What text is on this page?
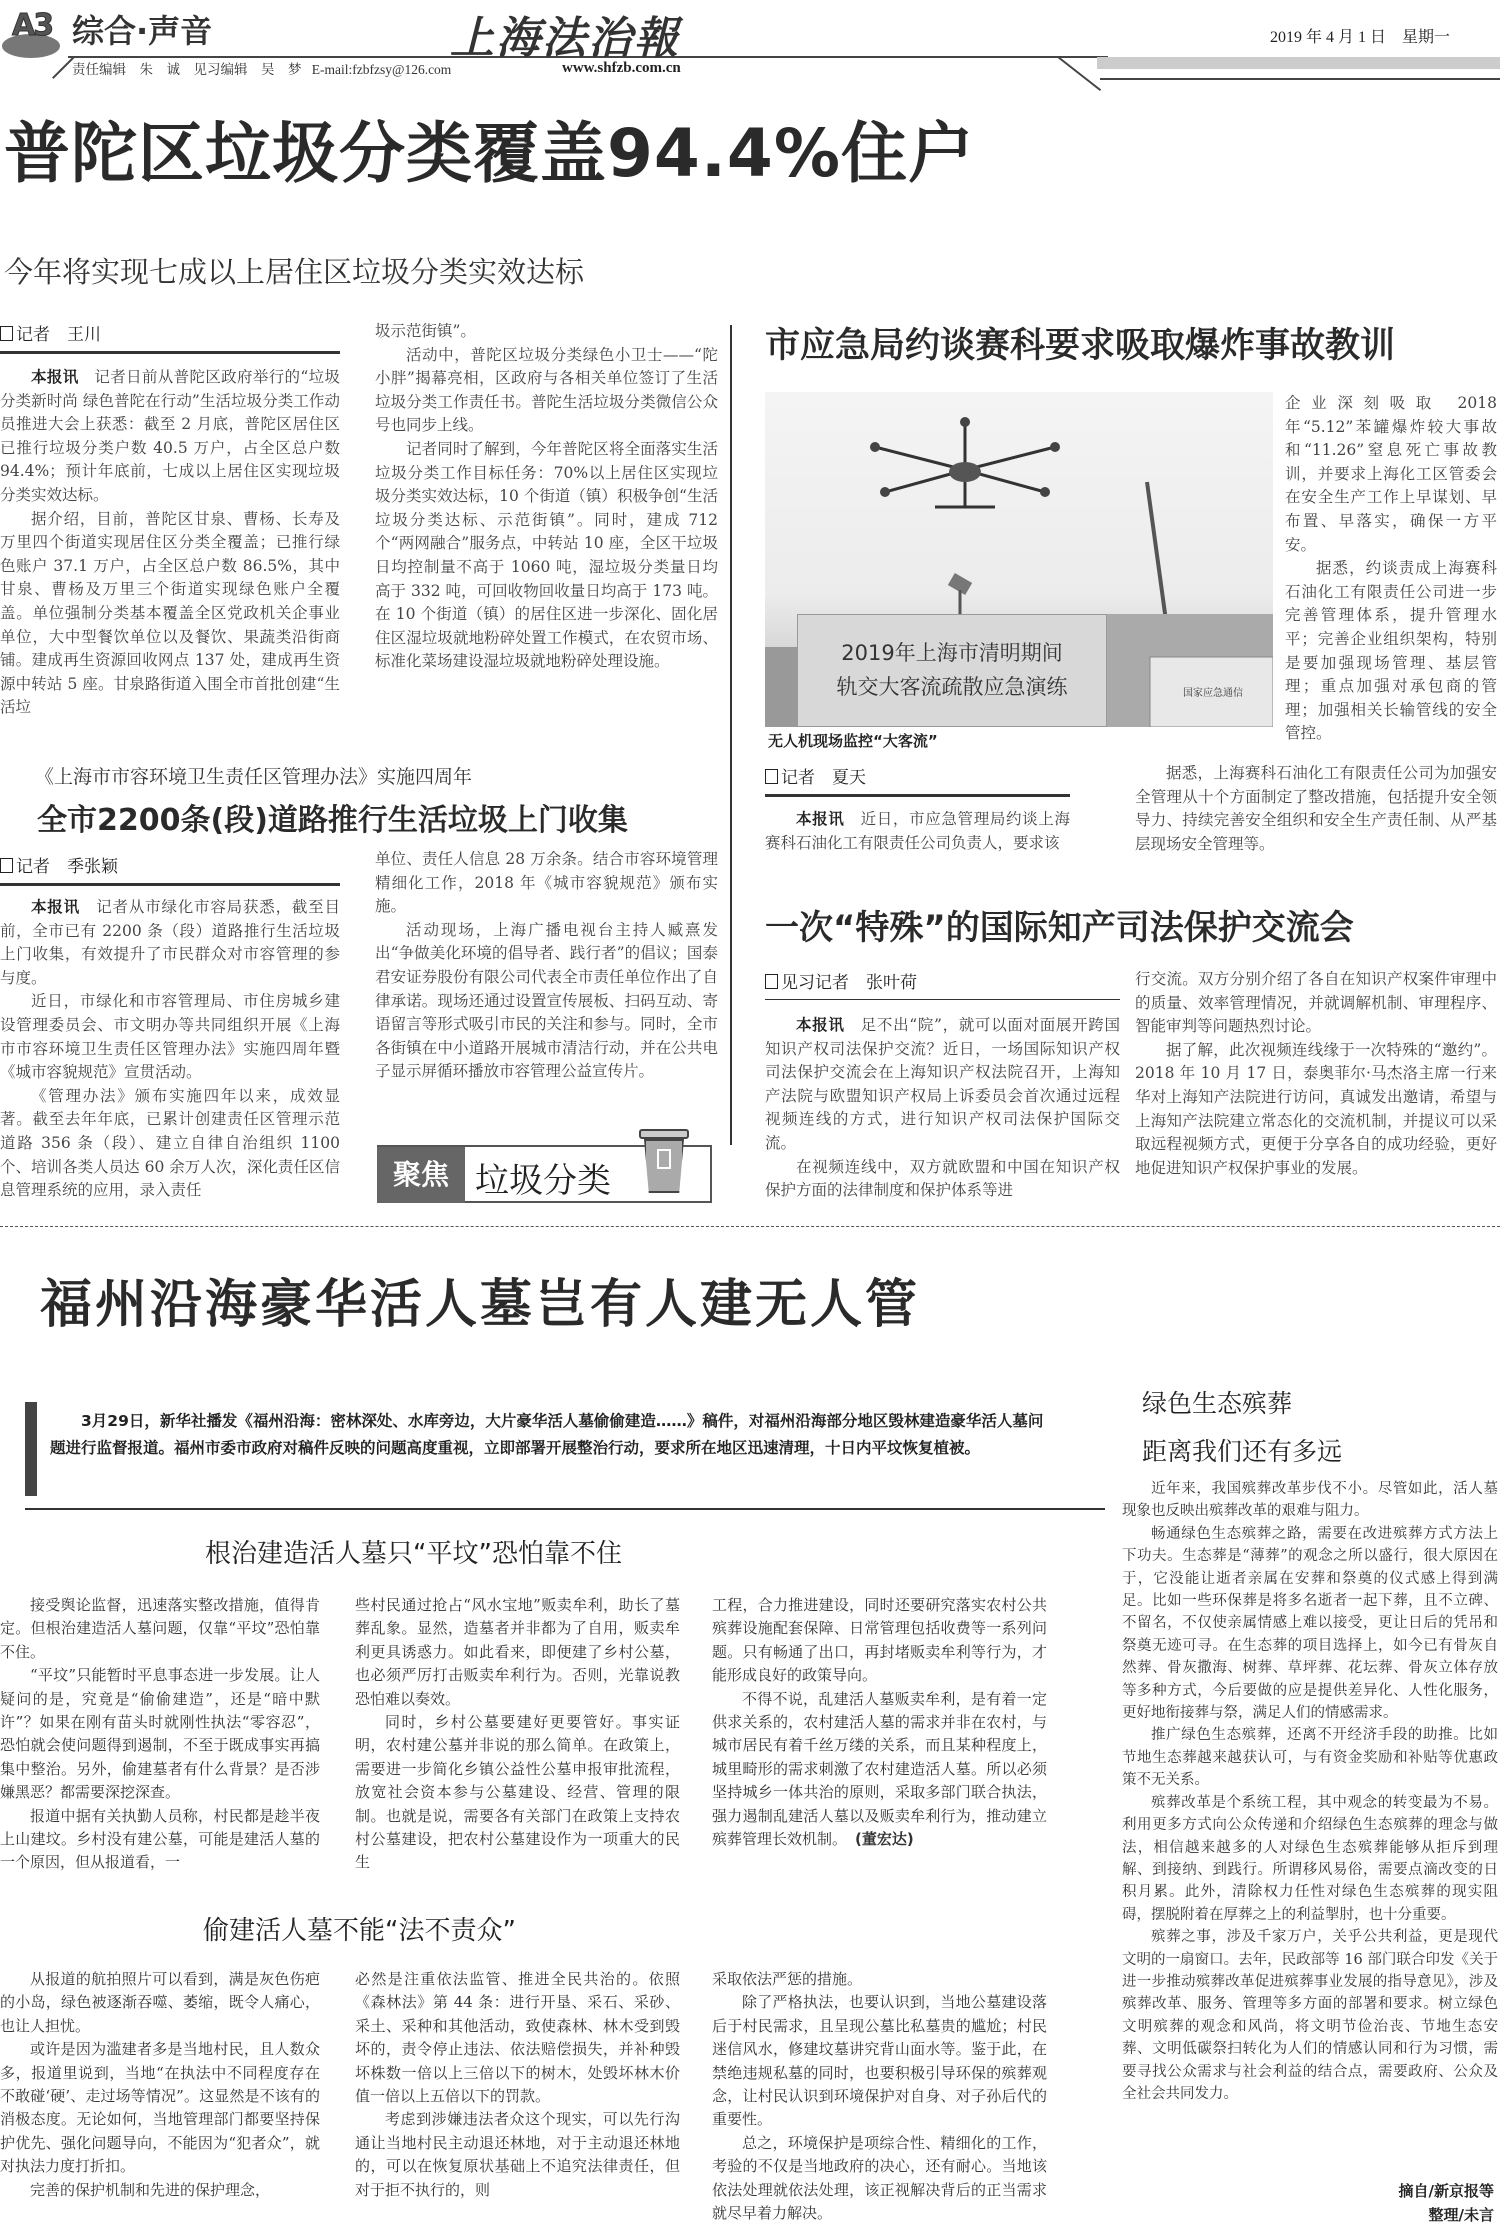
A3 综合·声音
责任编辑　朱　诚　见习编辑　吴　梦 E-mail:fzbfzsy@126.com
上海法治報
www.shfzb.com.cn
2019 年 4 月 1 日　星期一
普陀区垃圾分类覆盖94.4%住户
今年将实现七成以上居住区垃圾分类实效达标
记者　 王川

本报讯　 记者日前从普陀区政府举行的“垃圾分类新时尚 绿色普陀在行动”生活垃圾分类工作动员推进大会上获悉：截至 2 月底，普陀区居住区已推行垃圾分类户数 40.5 万户，占全区总户数 94.4%；预计年底前，七成以上居住区实现垃圾分类实效达标。

据介绍，目前，普陀区甘泉、曹杨、长寿及万里四个街道实现居住区分类全覆盖；已推行绿色账户 37.1 万户，占全区总户数 86.5%，其中甘泉、曹杨及万里三个街道实现绿色账户全覆盖。单位强制分类基本覆盖全区党政机关企事业单位，大中型餐饮单位以及餐饮、果蔬类沿街商铺。建成再生资源回收网点 137 处，建成再生资源中转站 5 座。甘泉路街道入围全市首批创建“生活垃

圾示范街镇”。

活动中，普陀区垃圾分类绿色小卫士——“陀小胖”揭幕亮相，区政府与各相关单位签订了生活垃圾分类工作责任书。普陀生活垃圾分类微信公众号也同步上线。

记者同时了解到，今年普陀区将全面落实生活垃圾分类工作目标任务：70%以上居住区实现垃圾分类实效达标，10 个街道（镇）积极争创“生活垃圾分类达标、示范街镇”。同时，建成 712 个“两网融合”服务点，中转站 10 座，全区干垃圾日均控制量不高于 1060 吨，湿垃圾分类量日均高于 332 吨，可回收物回收量日均高于 173 吨。在 10 个街道（镇）的居住区进一步深化、固化居住区湿垃圾就地粉碎处置工作模式，在农贸市场、标准化菜场建设湿垃圾就地粉碎处理设施。

市应急局约谈赛科要求吸取爆炸事故教训
2019年上海市清明期间
轨交大客流疏散应急演练	国家应急通信
无人机现场监控“大客流”

企业深刻吸取 2018 年“5.12”苯罐爆炸较大事故和“11.26”窒息死亡事故教训，并要求上海化工区管委会在安全生产工作上早谋划、早布置、早落实，确保一方平安。

据悉，约谈责成上海赛科石油化工有限责任公司进一步完善管理体系，提升管理水平；完善企业组织架构，特别是要加强现场管理、基层管理；重点加强对承包商的管理；加强相关长输管线的安全管控。

记者　 夏天

本报讯　 近日，市应急管理局约谈上海赛科石油化工有限责任公司负责人，要求该

据悉，上海赛科石油化工有限责任公司为加强安全管理从十个方面制定了整改措施，包括提升安全领导力、持续完善安全组织和安全生产责任制、从严基层现场安全管理等。

《上海市市容环境卫生责任区管理办法》实施四周年
全市2200条(段)道路推行生活垃圾上门收集
记者　 季张颖

本报讯　 记者从市绿化市容局获悉，截至目前，全市已有 2200 条（段）道路推行生活垃圾上门收集，有效提升了市民群众对市容管理的参与度。

近日，市绿化和市容管理局、市住房城乡建设管理委员会、市文明办等共同组织开展《上海市市容环境卫生责任区管理办法》实施四周年暨《城市容貌规范》宣贯活动。

《管理办法》颁布实施四年以来，成效显著。截至去年年底，已累计创建责任区管理示范道路 356 条（段）、建立自律自治组织 1100 个、培训各类人员达 60 余万人次，深化责任区信息管理系统的应用，录入责任

单位、责任人信息 28 万余条。结合市容环境管理精细化工作，2018 年《城市容貌规范》颁布实施。

活动现场，上海广播电视台主持人臧熹发出“争做美化环境的倡导者、践行者”的倡议；国泰君安证券股份有限公司代表全市责任单位作出了自律承诺。现场还通过设置宣传展板、扫码互动、寄语留言等形式吸引市民的关注和参与。同时，全市各街镇在中小道路开展城市清洁行动，并在公共电子显示屏循环播放市容管理公益宣传片。

聚焦 垃圾分类
一次“特殊”的国际知产司法保护交流会
见习记者　 张叶荷

本报讯　 足不出“院”，就可以面对面展开跨国知识产权司法保护交流？近日，一场国际知识产权司法保护交流会在上海知识产权法院召开，上海知产法院与欧盟知识产权局上诉委员会首次通过远程视频连线的方式，进行知识产权司法保护国际交流。

在视频连线中，双方就欧盟和中国在知识产权保护方面的法律制度和保护体系等进

行交流。双方分别介绍了各自在知识产权案件审理中的质量、效率管理情况，并就调解机制、审理程序、智能审判等问题热烈讨论。

据了解，此次视频连线缘于一次特殊的“邀约”。2018 年 10 月 17 日，泰奥菲尔·马杰洛主席一行来华对上海知产法院进行访问，真诚发出邀请，希望与上海知产法院建立常态化的交流机制，并提议可以采取远程视频方式，更便于分享各自的成功经验，更好地促进知识产权保护事业的发展。

福州沿海豪华活人墓岂有人建无人管
3月29日，新华社播发《福州沿海：密林深处、水库旁边，大片豪华活人墓偷偷建造……》稿件，对福州沿海部分地区毁林建造豪华活人墓问题进行监督报道。福州市委市政府对稿件反映的问题高度重视，立即部署开展整治行动，要求所在地区迅速清理，十日内平坟恢复植被。
根治建造活人墓只“平坟”恐怕靠不住

接受舆论监督，迅速落实整改措施，值得肯定。但根治建造活人墓问题，仅靠“平坟”恐怕靠不住。

“平坟”只能暂时平息事态进一步发展。让人疑问的是，究竟是“偷偷建造”，还是“暗中默许”？如果在刚有苗头时就刚性执法“零容忍”，恐怕就会使问题得到遏制，不至于既成事实再搞集中整治。另外，偷建墓者有什么背景？是否涉嫌黑恶？都需要深挖深查。

报道中据有关执勤人员称，村民都是趁半夜上山建坟。乡村没有建公墓，可能是建活人墓的一个原因，但从报道看，一

些村民通过抢占“风水宝地”贩卖牟利，助长了墓葬乱象。显然，造墓者并非都为了自用，贩卖牟利更具诱惑力。如此看来，即便建了乡村公墓，也必须严厉打击贩卖牟利行为。否则，光靠说教恐怕难以奏效。

同时，乡村公墓要建好更要管好。事实证明，农村建公墓并非说的那么简单。在政策上，需要进一步简化乡镇公益性公墓申报审批流程，放宽社会资本参与公墓建设、经营、管理的限制。也就是说，需要各有关部门在政策上支持农村公墓建设，把农村公墓建设作为一项重大的民生

工程，合力推进建设，同时还要研究落实农村公共殡葬设施配套保障、日常管理包括收费等一系列问题。只有畅通了出口，再封堵贩卖牟利等行为，才能形成良好的政策导向。

不得不说，乱建活人墓贩卖牟利，是有着一定供求关系的，农村建活人墓的需求并非在农村，与城市居民有着千丝万缕的关系，而且某种程度上，城里畸形的需求刺激了农村建造活人墓。所以必须坚持城乡一体共治的原则，采取多部门联合执法，强力遏制乱建活人墓以及贩卖牟利行为，推动建立殡葬管理长效机制。 (董宏达)

偷建活人墓不能“法不责众”

从报道的航拍照片可以看到，满是灰色伤疤的小岛，绿色被逐渐吞噬、萎缩，既令人痛心，也让人担忧。

或许是因为滥建者多是当地村民，且人数众多，报道里说到，当地“在执法中不同程度存在不敢碰‘硬’、走过场等情况”。这显然是不该有的消极态度。无论如何，当地管理部门都要坚持保护优先、强化问题导向，不能因为“犯者众”，就对执法力度打折扣。

完善的保护机制和先进的保护理念，

必然是注重依法监管、推进全民共治的。依照《森林法》第 44 条：进行开垦、采石、采砂、采土、采种和其他活动，致使森林、林木受到毁坏的，责令停止违法、依法赔偿损失，并补种毁坏株数一倍以上三倍以下的树木，处毁坏林木价值一倍以上五倍以下的罚款。

考虑到涉嫌违法者众这个现实，可以先行沟通让当地村民主动退还林地，对于主动退还林地的，可以在恢复原状基础上不追究法律责任，但对于拒不执行的，则

采取依法严惩的措施。

除了严格执法，也要认识到，当地公墓建设落后于村民需求，且呈现公墓比私墓贵的尴尬；村民迷信风水，修建坟墓讲究背山面水等。鉴于此，在禁绝违规私墓的同时，也要积极引导环保的殡葬观念，让村民认识到环境保护对自身、对子孙后代的重要性。

总之，环境保护是项综合性、精细化的工作，考验的不仅是当地政府的决心，还有耐心。当地该依法处理就依法处理，该正视解决背后的正当需求就尽早着力解决。

绿色生态殡葬
距离我们还有多远

近年来，我国殡葬改革步伐不小。尽管如此，活人墓现象也反映出殡葬改革的艰难与阻力。

畅通绿色生态殡葬之路，需要在改进殡葬方式方法上下功夫。生态葬是“薄葬”的观念之所以盛行，很大原因在于，它没能让逝者亲属在安葬和祭奠的仪式感上得到满足。比如一些环保葬是将多名逝者一起下葬，且不立碑、不留名，不仅使亲属情感上难以接受，更让日后的凭吊和祭奠无迹可寻。在生态葬的项目选择上，如今已有骨灰自然葬、骨灰撒海、树葬、草坪葬、花坛葬、骨灰立体存放等多种方式，今后要做的应是提供差异化、人性化服务，更好地衔接葬与祭，满足人们的情感需求。

推广绿色生态殡葬，还离不开经济手段的助推。比如节地生态葬越来越获认可，与有资金奖励和补贴等优惠政策不无关系。

殡葬改革是个系统工程，其中观念的转变最为不易。利用更多方式向公众传递和介绍绿色生态殡葬的理念与做法，相信越来越多的人对绿色生态殡葬能够从拒斥到理解、到接纳、到践行。所谓移风易俗，需要点滴改变的日积月累。此外，清除权力任性对绿色生态殡葬的现实阻碍，摆脱附着在厚葬之上的利益掣肘，也十分重要。

殡葬之事，涉及千家万户，关乎公共利益，更是现代文明的一扇窗口。去年，民政部等 16 部门联合印发《关于进一步推动殡葬改革促进殡葬事业发展的指导意见》，涉及殡葬改革、服务、管理等多方面的部署和要求。树立绿色文明殡葬的观念和风尚，将文明节俭治丧、节地生态安葬、文明低碳祭扫转化为人们的情感认同和行为习惯，需要寻找公众需求与社会利益的结合点，需要政府、公众及全社会共同发力。

摘自/新京报等
整理/未言
